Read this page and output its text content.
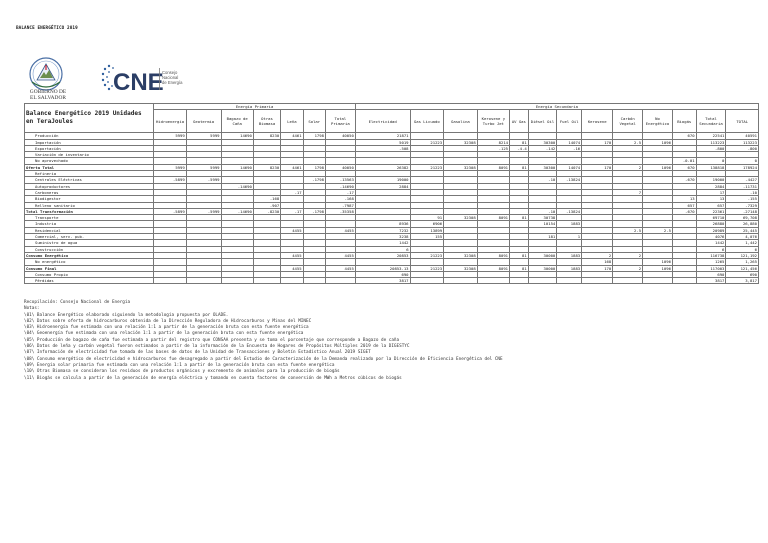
BALANCE ENERGÉTICO 2019
GOBIERNO DE
EL SALVADOR
CNE
Consejo
Nacional
de Energía
Balance Energético 2019 Unidades en TeraJoules	Energía Primaria							Energía Secundaria												
	Hidroenergía	Geotermia	Bagazo de Caña	Otras Biomasa	Leña	Solar	Total Primaria	Electricidad	Gas Licuado	Gasolina	Kerosene y Turbo Jet	AV Gas	Diésel Oil	Fuel Oil	Kerosene	Carbón Vegetal	No Energético	Biogás	Total Secundaria	TOTAL
Producción	5999	5999	14690	8230	4461	1798	40050	21871										670	22541	40591
Importación								5019	21223	32308	8214	81	30300	14074	170	2.5	1096		113223	113223
Exportación								-508			-125	-4.4	-142	-16					-800	-800
Variación de inventario																				
No aprovechado																		-0.01	0	0
Oferta Total	5999	5999	14690	8230	4461	1798	40050	26382	21223	32308	8091	81	30300	14074	170	2	1096	670	138818	178924
Refinería																				
Centrales Eléctricas	-5899	-5999				-1798	-13563	19000					-10	-13824				-670	19000	-4427
Autoproductores			-14690				-14690	2884											2884	-11731
Carboneras					-17		-17									7			17	-10
Biodigestor				-168			-168											13	13	-155
Relleno sanitario				-907			-7987											657	657	-7329
Total Transformación	-5899	-5999	-14690	-8230	-17	-1798	-35358						-10	-13824				-670	22361	-27148
Transporte									91	32308	8091	81	30738						69710	69,708
Industria								8936	6906				10154	1883					26880	26,880
Residencial					4455		4455	7232	13899							2.5	2.5		20989	25,445
Comercial, serv. pub.								3238	155				181	1					4076	4,076
Suministro de agua								1442											1442	1,442
Construcción								6											6	6
Consumo Energético					4455		4455	20853	21223	32308	8091	81	30000	1883	2	2			116738	121,192
No energético															168		1096		1265	1,265
Consumo Final					4455		4455	20853.13	21223	32308	8091	81	30000	1883	170	2	1096		117003	121,456
Consumo Propio								690											690	690
Pérdidas								3817											3817	3,817
Recopilación: Consejo Nacional de Energía
Notas:
\01\ Balance Energético elaborado siguiendo la metodología propuesta por OLADE.
\02\ Datos sobre oferta de hidrocarburos obtenida de la Dirección Reguladora de Hidrocarburos y Minas del MINEC
\03\ Hidroenergía fue estimada con una relación 1:1 a partir de la generación bruta con esta fuente energética
\04\ Geoenergía fue estimada con una relación 1:1 a partir de la generación bruta con esta fuente energética
\05\ Producción de bagazo de caña fue estimada a partir del registro que CONSAA presenta y se toma el porcentaje que corresponde a Bagazo de caña
\06\ Datos de leña y carbón vegetal fueron estimados a partir de la información de la Encuesta de Hogares de Propósitos Múltiples 2019 de la DIGESTYC
\07\ Información de electricidad fue tomada de las bases de datos de la Unidad de Transacciones y Boletín Estadístico Anual 2019 SIGET
\08\ Consumo energético de electricidad e hidrocarburos fue desagregado a partir del Estudio de Caracterización de la Demanda realizado por la Dirección de Eficiencia Energética del CNE
\09\ Energía solar primaria fue estimada con una relación 1:1 a partir de la generación bruta con esta fuente energética
\10\ Otras Biomasa se consideran los residuos de productos orgánicos y excremento de animales para la producción de biogás
\11\ Biogás se calcula a partir de la generación de energía eléctrica y tomando en cuenta factores de conversión de MWh a Metros cúbicos de biogás
